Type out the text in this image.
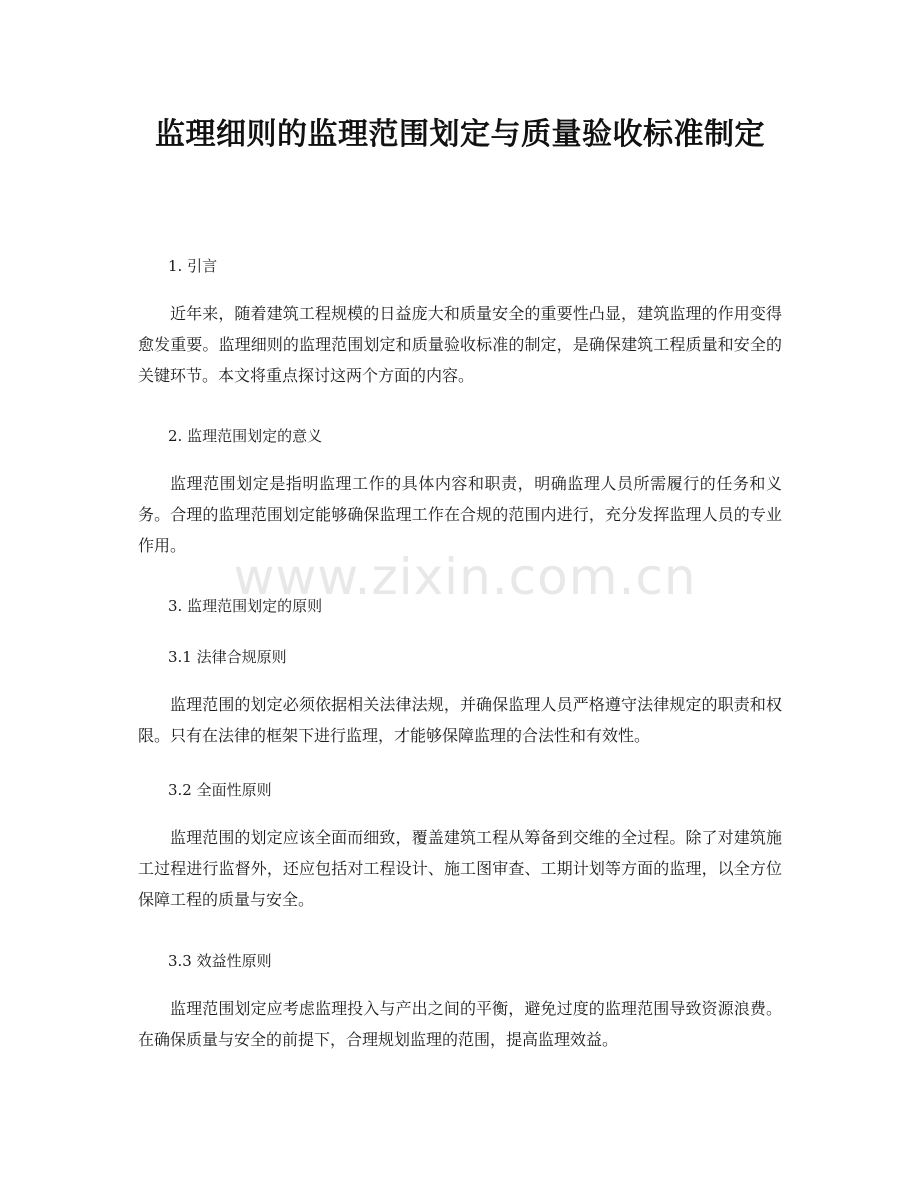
监理细则的监理范围划定与质量验收标准制定
1. 引言

近年来，随着建筑工程规模的日益庞大和质量安全的重要性凸显，建筑监理的作用变得愈发重要。监理细则的监理范围划定和质量验收标准的制定，是确保建筑工程质量和安全的关键环节。本文将重点探讨这两个方面的内容。

2. 监理范围划定的意义

监理范围划定是指明监理工作的具体内容和职责，明确监理人员所需履行的任务和义务。合理的监理范围划定能够确保监理工作在合规的范围内进行，充分发挥监理人员的专业作用。

3. 监理范围划定的原则
3.1 法律合规原则

监理范围的划定必须依据相关法律法规，并确保监理人员严格遵守法律规定的职责和权限。只有在法律的框架下进行监理，才能够保障监理的合法性和有效性。

3.2 全面性原则

监理范围的划定应该全面而细致，覆盖建筑工程从筹备到交维的全过程。除了对建筑施工过程进行监督外，还应包括对工程设计、施工图审查、工期计划等方面的监理，以全方位保障工程的质量与安全。

3.3 效益性原则

监理范围划定应考虑监理投入与产出之间的平衡，避免过度的监理范围导致资源浪费。在确保质量与安全的前提下，合理规划监理的范围，提高监理效益。

www.zixin.com.cn
